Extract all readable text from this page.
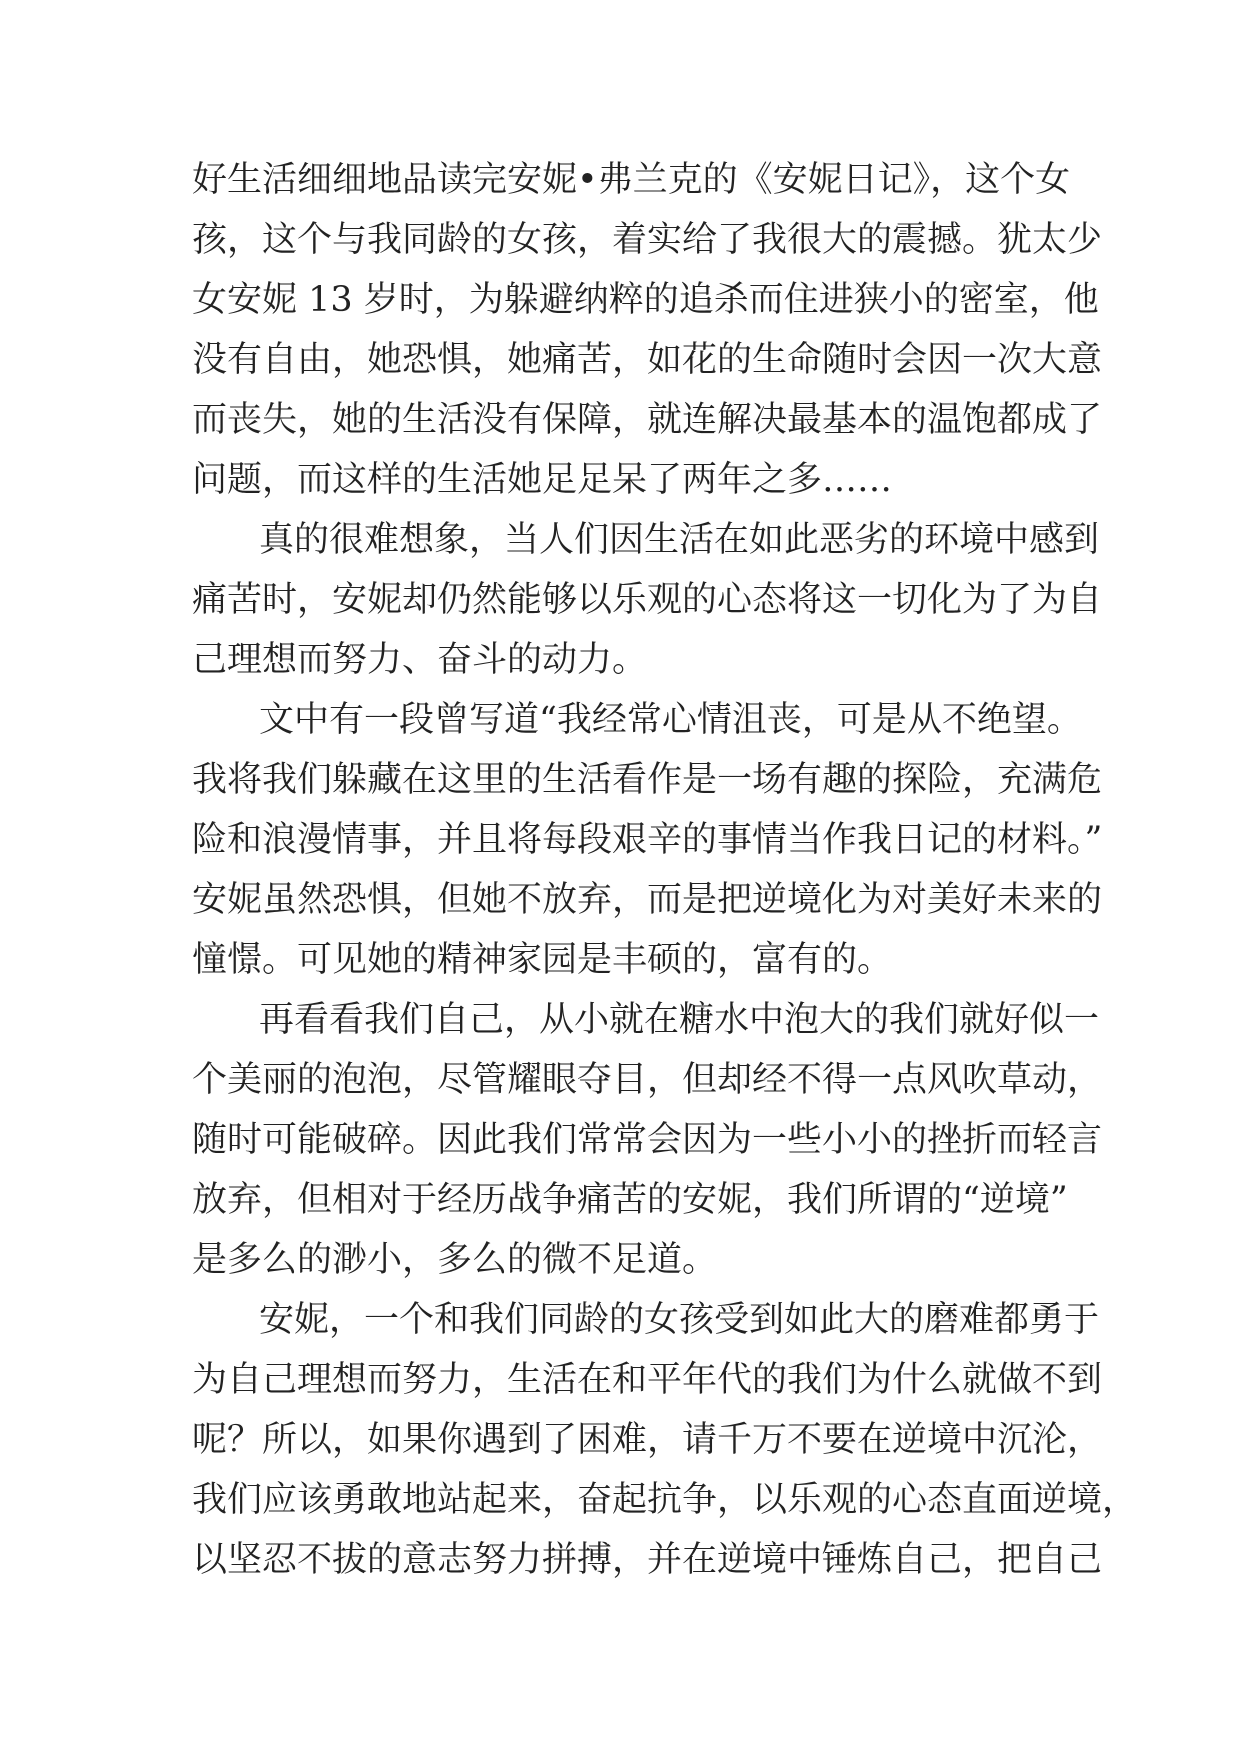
好生活细细地品读完安妮•弗兰克的《安妮日记》，这个女

孩，这个与我同龄的女孩，着实给了我很大的震撼。犹太少

女安妮 13 岁时，为躲避纳粹的追杀而住进狭小的密室，他

没有自由，她恐惧，她痛苦，如花的生命随时会因一次大意

而丧失，她的生活没有保障，就连解决最基本的温饱都成了

问题，而这样的生活她足足呆了两年之多……

真的很难想象，当人们因生活在如此恶劣的环境中感到

痛苦时，安妮却仍然能够以乐观的心态将这一切化为了为自

己理想而努力、奋斗的动力。

文中有一段曾写道“我经常心情沮丧，可是从不绝望。

我将我们躲藏在这里的生活看作是一场有趣的探险，充满危

险和浪漫情事，并且将每段艰辛的事情当作我日记的材料。”

安妮虽然恐惧，但她不放弃，而是把逆境化为对美好未来的

憧憬。可见她的精神家园是丰硕的，富有的。

再看看我们自己，从小就在糖水中泡大的我们就好似一

个美丽的泡泡，尽管耀眼夺目，但却经不得一点风吹草动，

随时可能破碎。因此我们常常会因为一些小小的挫折而轻言

放弃，但相对于经历战争痛苦的安妮，我们所谓的“逆境”

是多么的渺小，多么的微不足道。

安妮，一个和我们同龄的女孩受到如此大的磨难都勇于

为自己理想而努力，生活在和平年代的我们为什么就做不到

呢？所以，如果你遇到了困难，请千万不要在逆境中沉沦，

我们应该勇敢地站起来，奋起抗争，以乐观的心态直面逆境，

以坚忍不拔的意志努力拼搏，并在逆境中锤炼自己，把自己
